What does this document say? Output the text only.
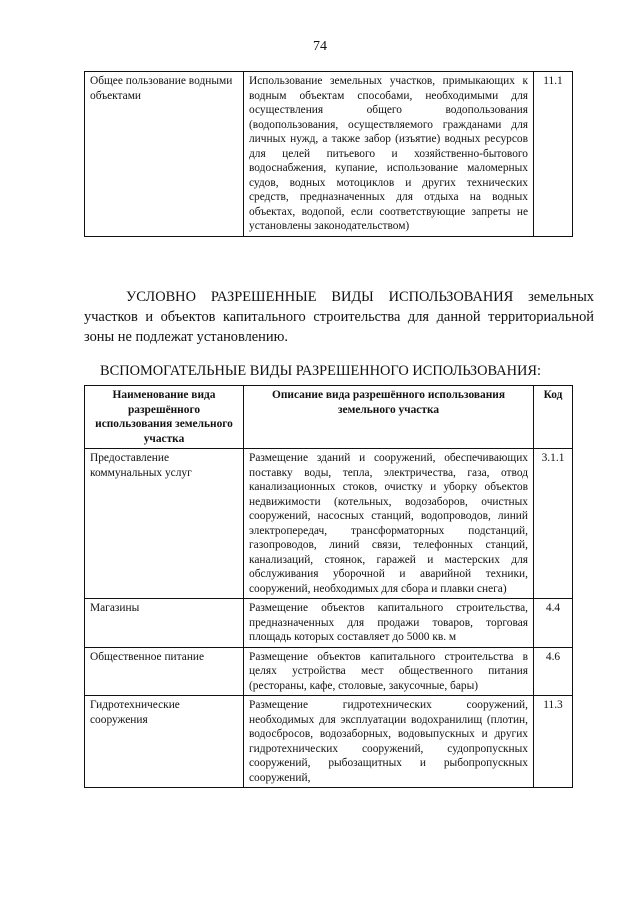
74
Общее пользование водными объектами	Использование земельных участков, примыкающих к водным объектам способами, необходимыми для осуществления общего водопользования (водопользования, осуществляемого гражданами для личных нужд, а также забор (изъятие) водных ресурсов для целей питьевого и хозяйственно-бытового водоснабжения, купание, использование маломерных судов, водных мотоциклов и других технических средств, предназначенных для отдыха на водных объектах, водопой, если соответствующие запреты не установлены законодательством)	11.1
УСЛОВНО РАЗРЕШЕННЫЕ ВИДЫ ИСПОЛЬЗОВАНИЯ земельных участков и объектов капитального строительства для данной территориальной зоны не подлежат установлению.
ВСПОМОГАТЕЛЬНЫЕ ВИДЫ РАЗРЕШЕННОГО ИСПОЛЬЗОВАНИЯ:
Наименование вида разрешённого использования земельного участка	Описание вида разрешённого использования земельного участка	Код
Предоставление коммунальных услуг	Размещение зданий и сооружений, обеспечивающих поставку воды, тепла, электричества, газа, отвод канализационных стоков, очистку и уборку объектов недвижимости (котельных, водозаборов, очистных сооружений, насосных станций, водопроводов, линий электропередач, трансформаторных подстанций, газопроводов, линий связи, телефонных станций, канализаций, стоянок, гаражей и мастерских для обслуживания уборочной и аварийной техники, сооружений, необходимых для сбора и плавки снега)	3.1.1
Магазины	Размещение объектов капитального строительства, предназначенных для продажи товаров, торговая площадь которых составляет до 5000 кв. м	4.4
Общественное питание	Размещение объектов капитального строительства в целях устройства мест общественного питания (рестораны, кафе, столовые, закусочные, бары)	4.6
Гидротехнические сооружения	Размещение гидротехнических сооружений, необходимых для эксплуатации водохранилищ (плотин, водосбросов, водозаборных, водовыпускных и других гидротехнических сооружений, судопропускных сооружений, рыбозащитных и рыбопропускных сооружений,	11.3
